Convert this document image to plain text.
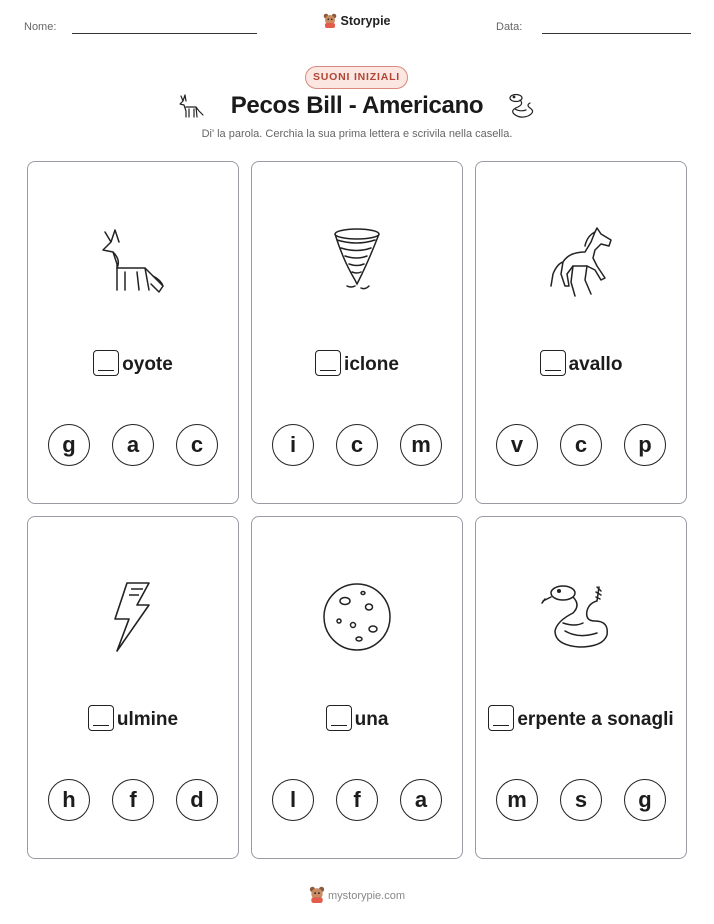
Nome:	Storypie	Data:
SUONI INIZIALI
Pecos Bill - Americano
Di' la parola. Cerchia la sua prima lettera e scrivila nella casella.
oyote
g	a	c
iclone
i	c	m
avallo
v	c	p
ulmine
h	f	d
una
l	f	a
erpente a sonagli
m	s	g
mystorypie.com
